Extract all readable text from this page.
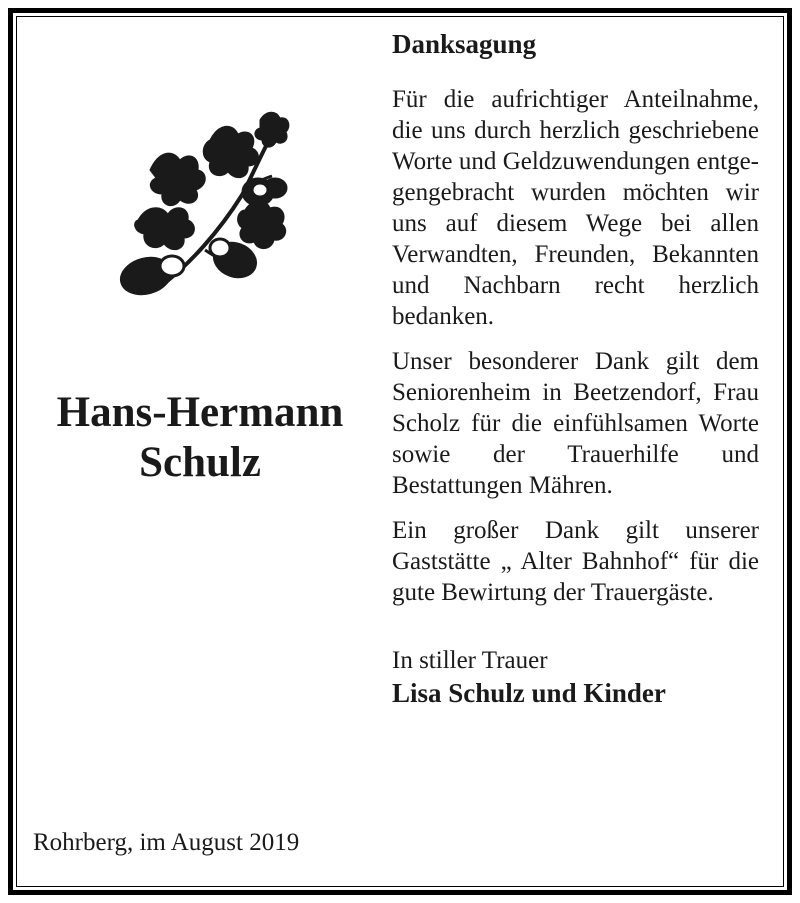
Hans-Hermann
Schulz
Rohrberg, im August 2019
Danksagung

Für die aufrichtiger Anteilnahme, die uns durch herzlich geschriebene Worte und Geldzuwendungen entgegengebracht wurden möchten wir uns auf diesem Wege bei allen Verwandten, Freunden, Bekannten und Nachbarn recht herzlich bedanken.

Unser besonderer Dank gilt dem Seniorenheim in Beetzendorf, Frau Scholz für die einfühlsamen Worte sowie der Trauerhilfe und Bestattungen Mähren.

Ein großer Dank gilt unserer Gaststätte „ Alter Bahnhof“ für die gute Bewirtung der Trauergäste.

In stiller Trauer
Lisa Schulz und Kinder
